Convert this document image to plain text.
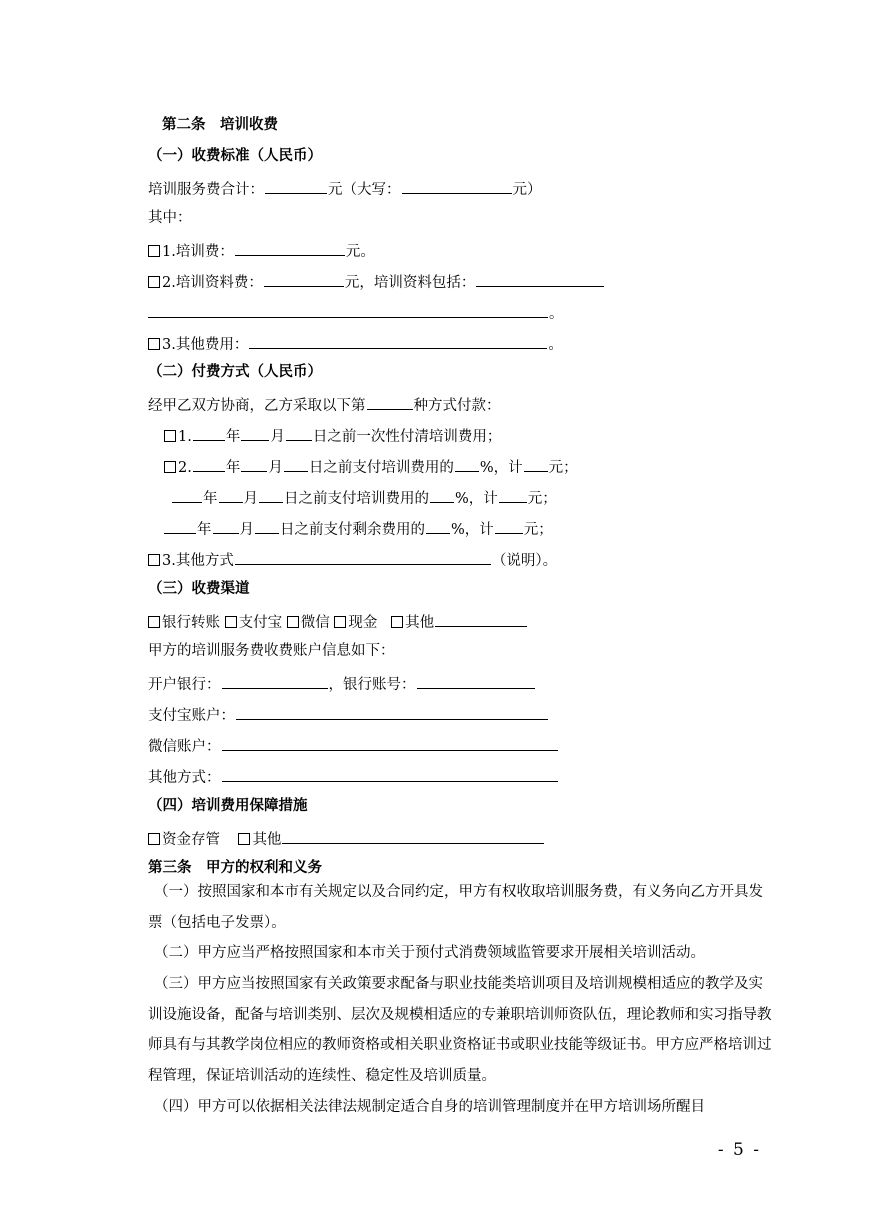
第二条　培训收费
（一）收费标准（人民币）
培训服务费合计：	元（大写：	元）
其中：
1.培训费：	元。
2.培训资料费：	元，培训资料包括：
。
3.其他费用：	。
（二）付费方式（人民币）
经甲乙双方协商，乙方采取以下第	种方式付款：
1. 年 月 日之前一次性付清培训费用；
2. 年 月 日之前支付培训费用的 %，计 元；
年 月 日之前支付培训费用的 %，计 元；
年 月 日之前支付剩余费用的 %，计 元；
3.其他方式	（说明）。
（三）收费渠道
银行转账 支付宝 微信 现金 其他
甲方的培训服务费收费账户信息如下：
开户银行：	，银行账号：
支付宝账户：
微信账户：
其他方式：
（四）培训费用保障措施
资金存管 其他
第三条　甲方的权利和义务
（一）按照国家和本市有关规定以及合同约定，甲方有权收取培训服务费，有义务向乙方开具发票（包括电子发票）。
（二）甲方应当严格按照国家和本市关于预付式消费领域监管要求开展相关培训活动。
（三）甲方应当按照国家有关政策要求配备与职业技能类培训项目及培训规模相适应的教学及实训设施设备，配备与培训类别、层次及规模相适应的专兼职培训师资队伍，理论教师和实习指导教师具有与其教学岗位相应的教师资格或相关职业资格证书或职业技能等级证书。甲方应严格培训过程管理，保证培训活动的连续性、稳定性及培训质量。
（四）甲方可以依据相关法律法规制定适合自身的培训管理制度并在甲方培训场所醒目
- 5 -
